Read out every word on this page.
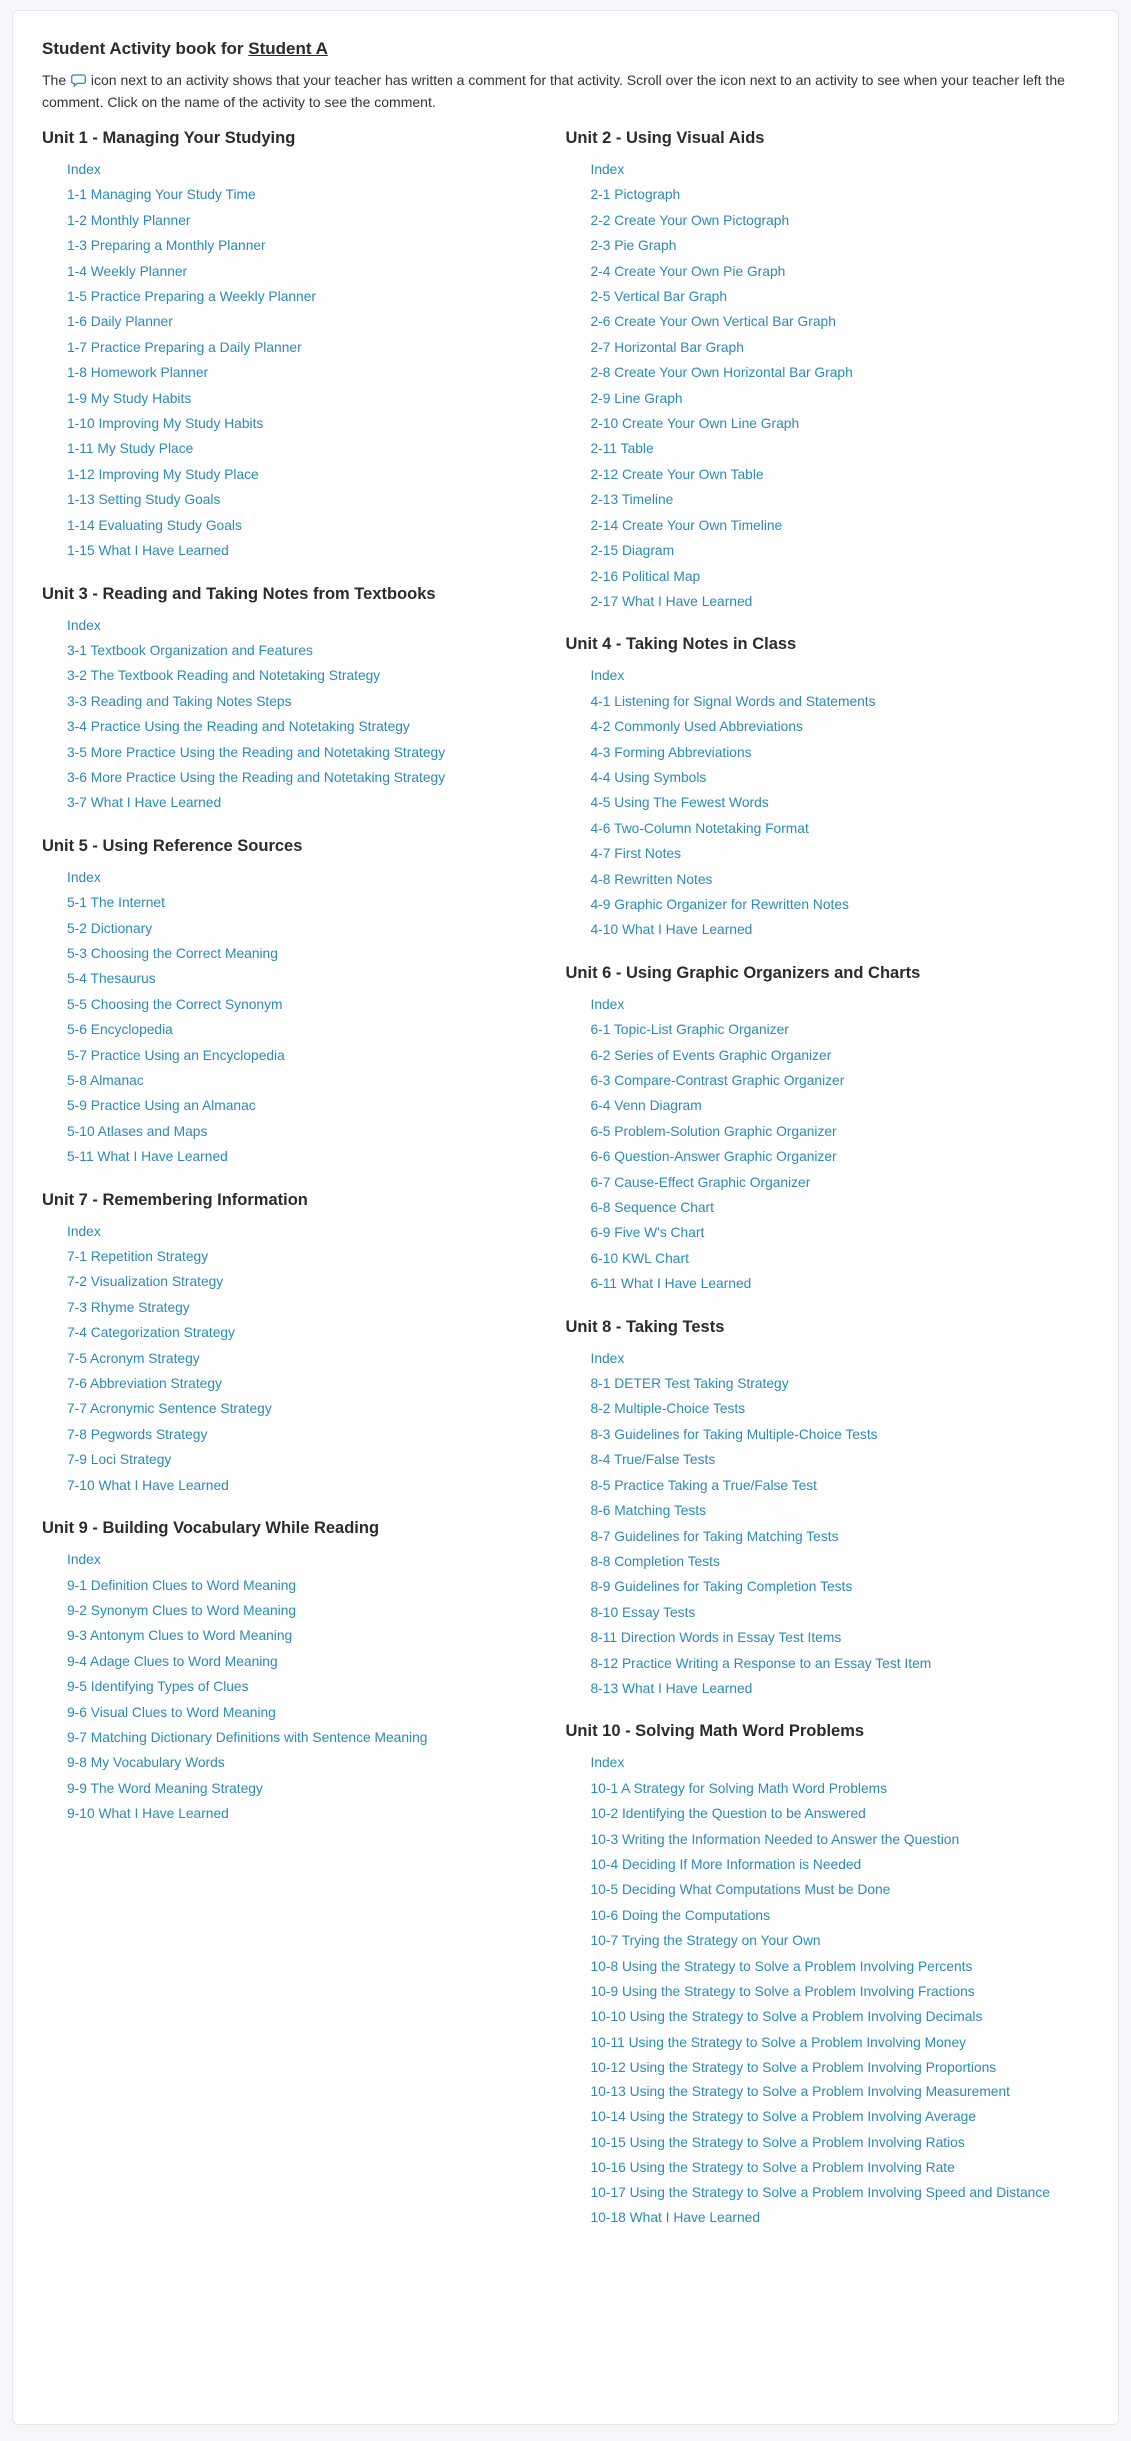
Student Activity book for Student A

The icon next to an activity shows that your teacher has written a comment for that activity. Scroll over the icon next to an activity to see when your teacher left the comment. Click on the name of the activity to see the comment.

Unit 1 - Managing Your Studying
Index
1-1 Managing Your Study Time
1-2 Monthly Planner
1-3 Preparing a Monthly Planner
1-4 Weekly Planner
1-5 Practice Preparing a Weekly Planner
1-6 Daily Planner
1-7 Practice Preparing a Daily Planner
1-8 Homework Planner
1-9 My Study Habits
1-10 Improving My Study Habits
1-11 My Study Place
1-12 Improving My Study Place
1-13 Setting Study Goals
1-14 Evaluating Study Goals
1-15 What I Have Learned
Unit 3 - Reading and Taking Notes from Textbooks
Index
3-1 Textbook Organization and Features
3-2 The Textbook Reading and Notetaking Strategy
3-3 Reading and Taking Notes Steps
3-4 Practice Using the Reading and Notetaking Strategy
3-5 More Practice Using the Reading and Notetaking Strategy
3-6 More Practice Using the Reading and Notetaking Strategy
3-7 What I Have Learned
Unit 5 - Using Reference Sources
Index
5-1 The Internet
5-2 Dictionary
5-3 Choosing the Correct Meaning
5-4 Thesaurus
5-5 Choosing the Correct Synonym
5-6 Encyclopedia
5-7 Practice Using an Encyclopedia
5-8 Almanac
5-9 Practice Using an Almanac
5-10 Atlases and Maps
5-11 What I Have Learned
Unit 7 - Remembering Information
Index
7-1 Repetition Strategy
7-2 Visualization Strategy
7-3 Rhyme Strategy
7-4 Categorization Strategy
7-5 Acronym Strategy
7-6 Abbreviation Strategy
7-7 Acronymic Sentence Strategy
7-8 Pegwords Strategy
7-9 Loci Strategy
7-10 What I Have Learned
Unit 9 - Building Vocabulary While Reading
Index
9-1 Definition Clues to Word Meaning
9-2 Synonym Clues to Word Meaning
9-3 Antonym Clues to Word Meaning
9-4 Adage Clues to Word Meaning
9-5 Identifying Types of Clues
9-6 Visual Clues to Word Meaning
9-7 Matching Dictionary Definitions with Sentence Meaning
9-8 My Vocabulary Words
9-9 The Word Meaning Strategy
9-10 What I Have Learned
Unit 2 - Using Visual Aids
Index
2-1 Pictograph
2-2 Create Your Own Pictograph
2-3 Pie Graph
2-4 Create Your Own Pie Graph
2-5 Vertical Bar Graph
2-6 Create Your Own Vertical Bar Graph
2-7 Horizontal Bar Graph
2-8 Create Your Own Horizontal Bar Graph
2-9 Line Graph
2-10 Create Your Own Line Graph
2-11 Table
2-12 Create Your Own Table
2-13 Timeline
2-14 Create Your Own Timeline
2-15 Diagram
2-16 Political Map
2-17 What I Have Learned
Unit 4 - Taking Notes in Class
Index
4-1 Listening for Signal Words and Statements
4-2 Commonly Used Abbreviations
4-3 Forming Abbreviations
4-4 Using Symbols
4-5 Using The Fewest Words
4-6 Two-Column Notetaking Format
4-7 First Notes
4-8 Rewritten Notes
4-9 Graphic Organizer for Rewritten Notes
4-10 What I Have Learned
Unit 6 - Using Graphic Organizers and Charts
Index
6-1 Topic-List Graphic Organizer
6-2 Series of Events Graphic Organizer
6-3 Compare-Contrast Graphic Organizer
6-4 Venn Diagram
6-5 Problem-Solution Graphic Organizer
6-6 Question-Answer Graphic Organizer
6-7 Cause-Effect Graphic Organizer
6-8 Sequence Chart
6-9 Five W's Chart
6-10 KWL Chart
6-11 What I Have Learned
Unit 8 - Taking Tests
Index
8-1 DETER Test Taking Strategy
8-2 Multiple-Choice Tests
8-3 Guidelines for Taking Multiple-Choice Tests
8-4 True/False Tests
8-5 Practice Taking a True/False Test
8-6 Matching Tests
8-7 Guidelines for Taking Matching Tests
8-8 Completion Tests
8-9 Guidelines for Taking Completion Tests
8-10 Essay Tests
8-11 Direction Words in Essay Test Items
8-12 Practice Writing a Response to an Essay Test Item
8-13 What I Have Learned
Unit 10 - Solving Math Word Problems
Index
10-1 A Strategy for Solving Math Word Problems
10-2 Identifying the Question to be Answered
10-3 Writing the Information Needed to Answer the Question
10-4 Deciding If More Information is Needed
10-5 Deciding What Computations Must be Done
10-6 Doing the Computations
10-7 Trying the Strategy on Your Own
10-8 Using the Strategy to Solve a Problem Involving Percents
10-9 Using the Strategy to Solve a Problem Involving Fractions
10-10 Using the Strategy to Solve a Problem Involving Decimals
10-11 Using the Strategy to Solve a Problem Involving Money
10-12 Using the Strategy to Solve a Problem Involving Proportions
10-13 Using the Strategy to Solve a Problem Involving Measurement
10-14 Using the Strategy to Solve a Problem Involving Average
10-15 Using the Strategy to Solve a Problem Involving Ratios
10-16 Using the Strategy to Solve a Problem Involving Rate
10-17 Using the Strategy to Solve a Problem Involving Speed and Distance
10-18 What I Have Learned
